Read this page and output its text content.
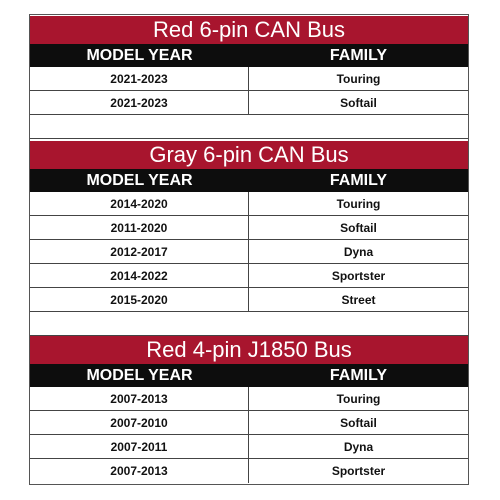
Red 6-pin CAN Bus
MODEL YEAR	FAMILY
2021-2023	Touring
2021-2023	Softail
Gray 6-pin CAN Bus
MODEL YEAR	FAMILY
2014-2020	Touring
2011-2020	Softail
2012-2017	Dyna
2014-2022	Sportster
2015-2020	Street
Red 4-pin J1850 Bus
MODEL YEAR	FAMILY
2007-2013	Touring
2007-2010	Softail
2007-2011	Dyna
2007-2013	Sportster
